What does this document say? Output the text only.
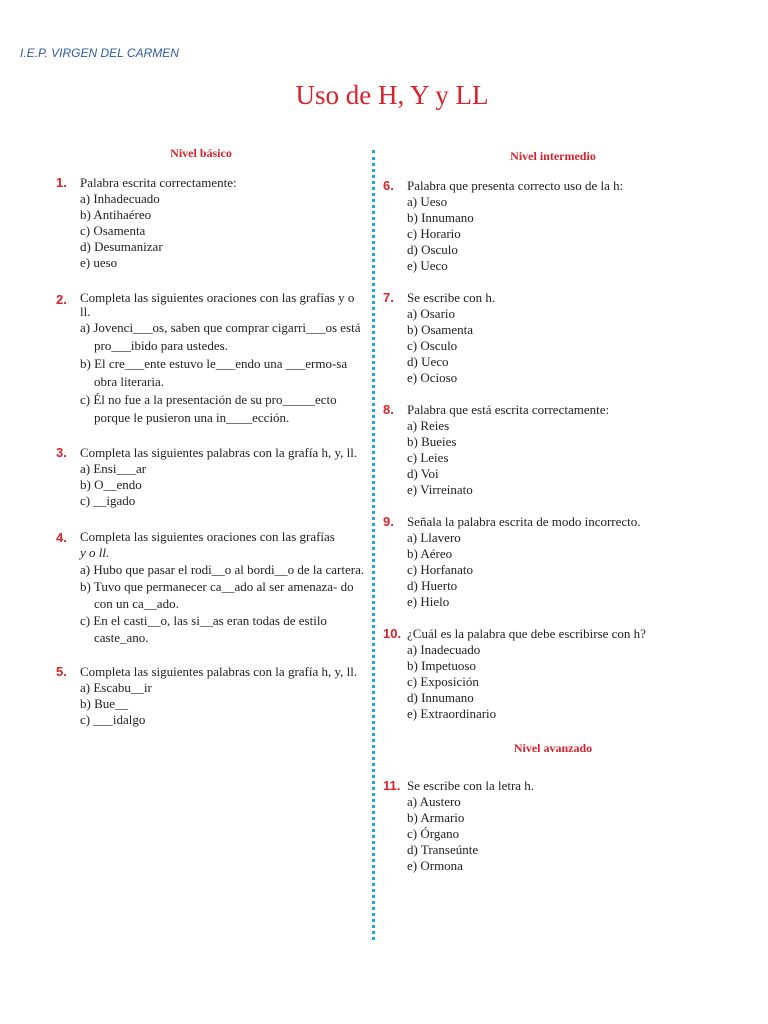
I.E.P. VIRGEN DEL CARMEN
Uso de H, Y y LL
Nivel básico
1. Palabra escrita correctamente:
a) Inhadecuado
b) Antihaéreo
c) Osamenta
d) Desumanizar
e) ueso
2. Completa las siguientes oraciones con las grafías y o ll.
a) Jovenci___os, saben que comprar cigarri___os está pro___ibido para ustedes.
b) El cre___ente estuvo le___endo una ___ermo-sa obra literaria.
c) Él no fue a la presentación de su pro_____ecto porque le pusieron una in____ección.
3. Completa las siguientes palabras con la grafía h, y, ll.
a) Ensi___ar
b) O__endo
c) __igado
4. Completa las siguientes oraciones con las grafías
y o ll.
a) Hubo que pasar el rodi__o al bordi__o de la cartera.
b) Tuvo que permanecer ca__ado al ser amenaza- do con un ca__ado.
c) En el casti__o, las si__as eran todas de estilo caste_ano.
5. Completa las siguientes palabras con la grafía h, y, ll.
a) Escabu__ir
b) Bue__
c) ___idalgo
Nivel intermedio
6. Palabra que presenta correcto uso de la h:
a) Ueso
b) Innumano
c) Horario
d) Osculo
e) Ueco
7. Se escribe con h.
a) Osario
b) Osamenta
c) Osculo
d) Ueco
e) Ocioso
8. Palabra que está escrita correctamente:
a) Reies
b) Bueies
c) Leies
d) Voi
e) Virreinato
9. Señala la palabra escrita de modo incorrecto.
a) Llavero
b) Aéreo
c) Horfanato
d) Huerto
e) Hielo
10. ¿Cuál es la palabra que debe escribirse con h?
a) Inadecuado
b) Impetuoso
c) Exposición
d) Innumano
e) Extraordinario
Nivel avanzado
11. Se escribe con la letra h.
a) Austero
b) Armario
c) Órgano
d) Transeúnte
e) Ormona
